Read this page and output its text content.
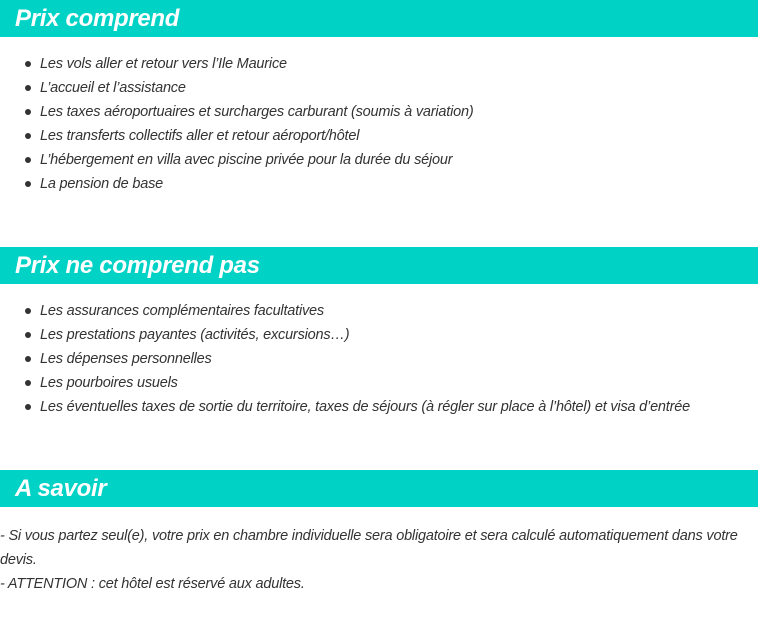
Prix comprend
Les vols aller et retour vers l’Ile Maurice
L’accueil et l’assistance
Les taxes aéroportuaires et surcharges carburant (soumis à variation)
Les transferts collectifs aller et retour aéroport/hôtel
L’hébergement en villa avec piscine privée pour la durée du séjour
La pension de base
Prix ne comprend pas
Les assurances complémentaires facultatives
Les prestations payantes (activités, excursions…)
Les dépenses personnelles
Les pourboires usuels
Les éventuelles taxes de sortie du territoire, taxes de séjours (à régler sur place à l’hôtel) et visa d’entrée
A savoir
- Si vous partez seul(e), votre prix en chambre individuelle sera obligatoire et sera calculé automatiquement dans votre devis.
- ATTENTION : cet hôtel est réservé aux adultes.
